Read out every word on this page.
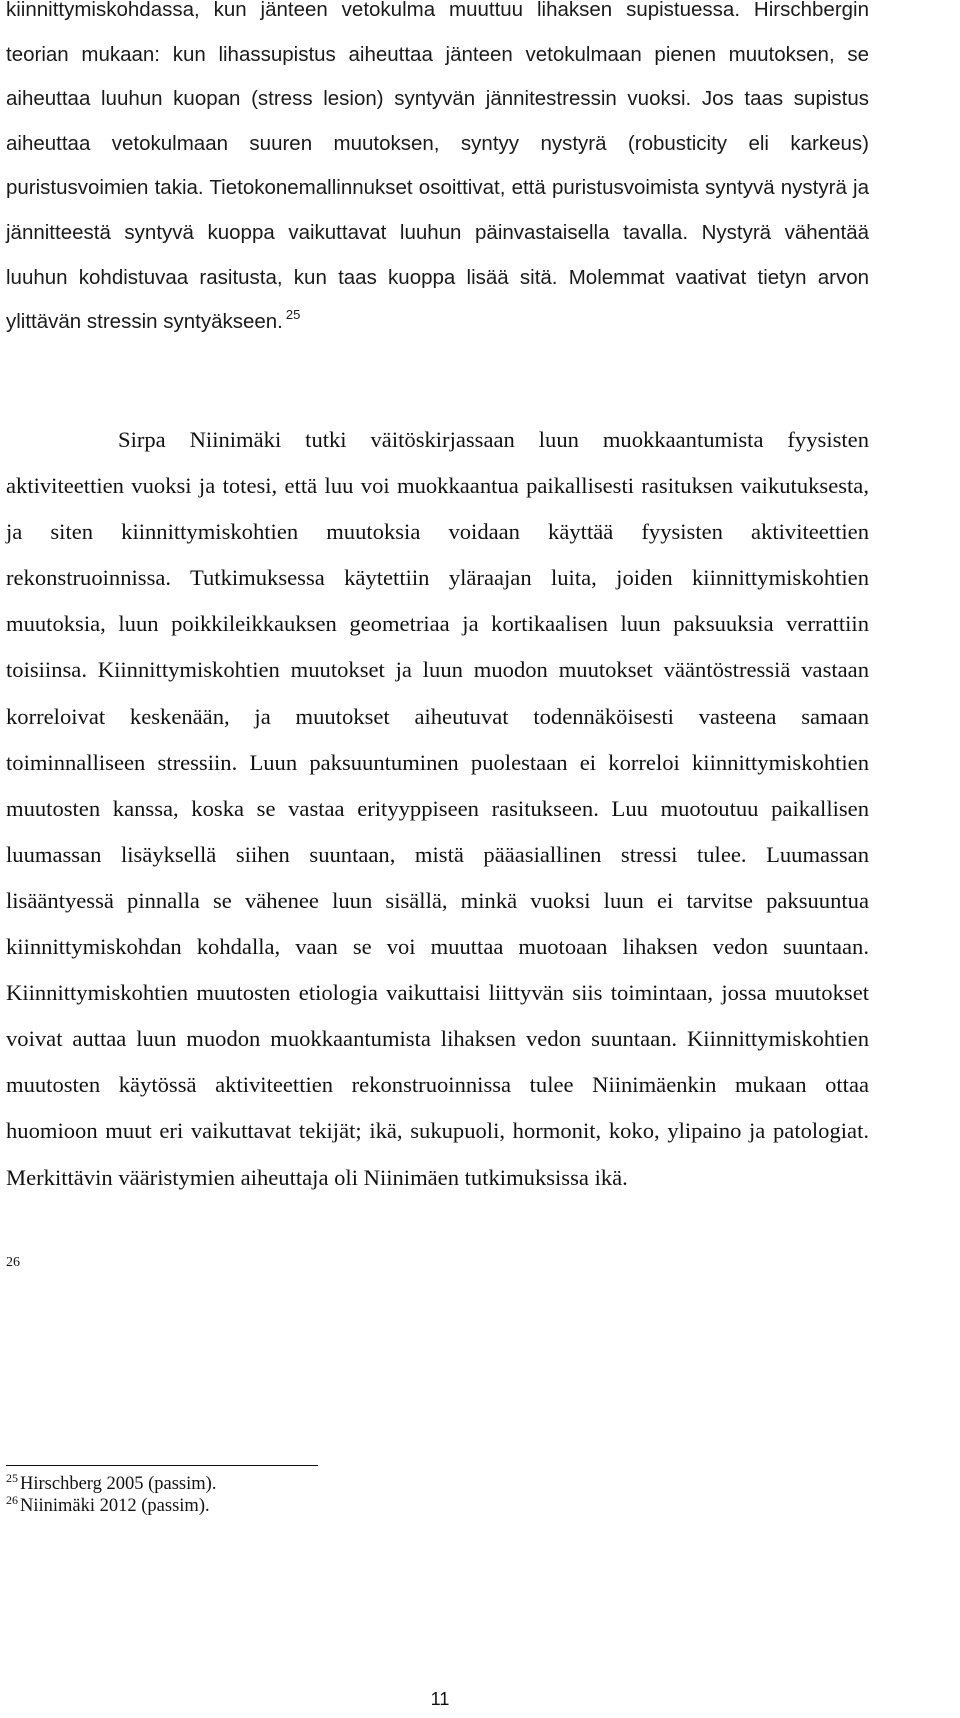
kiinnittymiskohdassa, kun jänteen vetokulma muuttuu lihaksen supistuessa. Hirschbergin teorian mukaan: kun lihassupistus aiheuttaa jänteen vetokulmaan pienen muutoksen, se aiheuttaa luuhun kuopan (stress lesion) syntyvän jännitestressin vuoksi. Jos taas supistus aiheuttaa vetokulmaan suuren muutoksen, syntyy nystyrä (robusticity eli karkeus) puristusvoimien takia. Tietokonemallinnukset osoittivat, että puristusvoimista syntyvä nystyrä ja jännitteestä syntyvä kuoppa vaikuttavat luuhun päinvastaisella tavalla. Nystyrä vähentää luuhun kohdistuvaa rasitusta, kun taas kuoppa lisää sitä. Molemmat vaativat tietyn arvon ylittävän stressin syntyäkseen. $^{25}$

Sirpa Niinimäki tutki väitöskirjassaan luun muokkaantumista fyysisten aktiviteettien vuoksi ja totesi, että luu voi muokkaantua paikallisesti rasituksen vaikutuksesta, ja siten kiinnittymiskohtien muutoksia voidaan käyttää fyysisten aktiviteettien rekonstruoinnissa. Tutkimuksessa käytettiin yläraajan luita, joiden kiinnittymiskohtien muutoksia, luun poikkileikkauksen geometriaa ja kortikaalisen luun paksuuksia verrattiin toisiinsa. Kiinnittymiskohtien muutokset ja luun muodon muutokset vääntöstressiä vastaan korreloivat keskenään, ja muutokset aiheutuvat todennäköisesti vasteena samaan toiminnalliseen stressiin. Luun paksuuntuminen puolestaan ei korreloi kiinnittymiskohtien muutosten kanssa, koska se vastaa erityyppiseen rasitukseen. Luu muotoutuu paikallisen luumassan lisäyksellä siihen suuntaan, mistä pääasiallinen stressi tulee. Luumassan lisääntyessä pinnalla se vähenee luun sisällä, minkä vuoksi luun ei tarvitse paksuuntua kiinnittymiskohdan kohdalla, vaan se voi muuttaa muotoaan lihaksen vedon suuntaan. Kiinnittymiskohtien muutosten etiologia vaikuttaisi liittyvän siis toimintaan, jossa muutokset voivat auttaa luun muodon muokkaantumista lihaksen vedon suuntaan. Kiinnittymiskohtien muutosten käytössä aktiviteettien rekonstruoinnissa tulee Niinimäenkin mukaan ottaa huomioon muut eri vaikuttavat tekijät; ikä, sukupuoli, hormonit, koko, ylipaino ja patologiat. Merkittävin vääristymien aiheuttaja oli Niinimäen tutkimuksissa ikä.

26
$^{25}$ Hirschberg 2005 (passim).
$^{26}$ Niinimäki 2012 (passim).
11
